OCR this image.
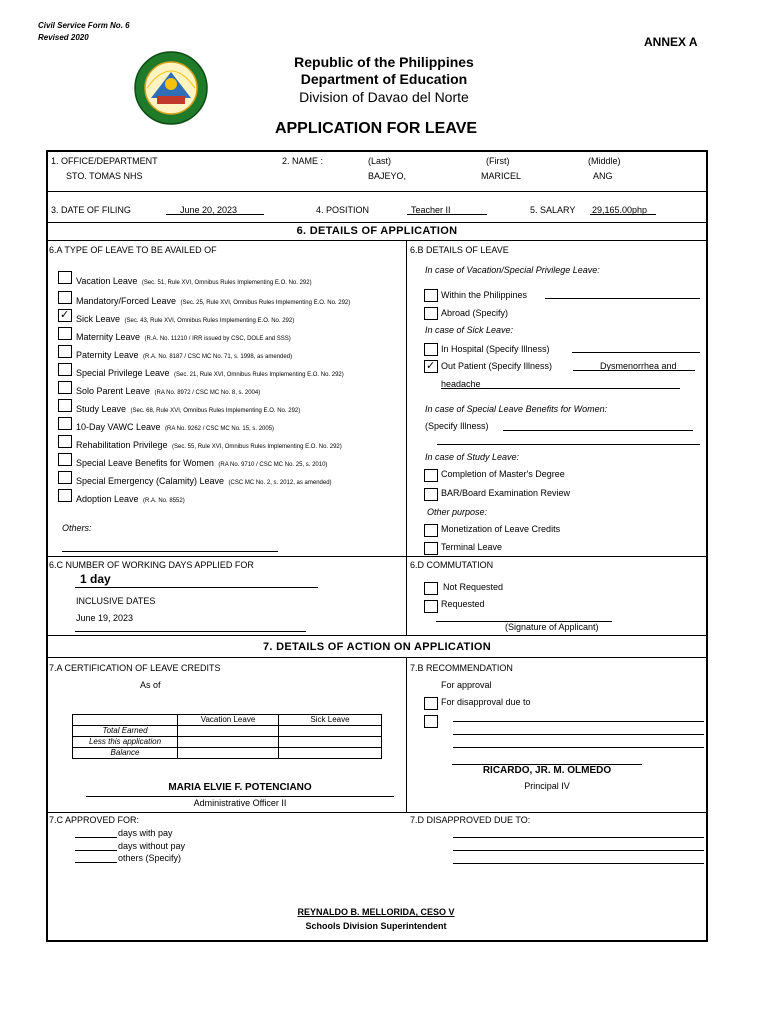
Civil Service Form No. 6
Revised 2020	ANNEX A
Republic of the Philippines
Department of Education
Division of Davao del Norte
APPLICATION FOR LEAVE
1. OFFICE/DEPARTMENT
STO. TOMAS NHS
2. NAME :	(Last)	(First)	(Middle)
BAJEYO,	MARICEL	ANG
3. DATE OF FILING	June 20, 2023	4. POSITION	Teacher II	5. SALARY 29,165.00php
6. DETAILS OF APPLICATION
6.A TYPE OF LEAVE TO BE AVAILED OF
Vacation Leave (Sec. 51, Rule XVI, Omnibus Rules Implementing E.O. No. 292)
Mandatory/Forced Leave (Sec. 25, Rule XVI, Omnibus Rules Implementing E.O. No. 292)
✓ Sick Leave (Sec. 43, Rule XVI, Omnibus Rules Implementing E.O. No. 292)
Maternity Leave (R.A. No. 11210 / IRR issued by CSC, DOLE and SSS)
Paternity Leave (R.A. No. 8187 / CSC MC No. 71, s. 1998, as amended)
Special Privilege Leave (Sec. 21, Rule XVI, Omnibus Rules Implementing E.O. No. 292)
Solo Parent Leave (RA No. 8972 / CSC MC No. 8, s. 2004)
Study Leave (Sec. 68, Rule XVI, Omnibus Rules Implementing E.O. No. 292)
10-Day VAWC Leave (RA No. 9262 / CSC MC No. 15, s. 2005)
Rehabilitation Privilege (Sec. 55, Rule XVI, Omnibus Rules Implementing E.O. No. 292)
Special Leave Benefits for Women (RA No. 9710 / CSC MC No. 25, s. 2010)
Special Emergency (Calamity) Leave (CSC MC No. 2, s. 2012, as amended)
Adoption Leave (R.A. No. 8552)
Others:
6.B DETAILS OF LEAVE
In case of Vacation/Special Privilege Leave:
Within the Philippines
Abroad (Specify)
In case of Sick Leave:
In Hospital (Specify Illness)
✓ Out Patient (Specify Illness)	Dysmenorrhea and
headache
In case of Special Leave Benefits for Women:
(Specify Illness)
In case of Study Leave:
Completion of Master's Degree
BAR/Board Examination Review
Other purpose:
Monetization of Leave Credits
Terminal Leave
6.C NUMBER OF WORKING DAYS APPLIED FOR
1 day
INCLUSIVE DATES
June 19, 2023
6.D COMMUTATION
Not Requested
Requested
(Signature of Applicant)
7. DETAILS OF ACTION ON APPLICATION
7.A CERTIFICATION OF LEAVE CREDITS
As of
	Vacation Leave	Sick Leave
Total Earned		
Less this application		
Balance		
MARIA ELVIE F. POTENCIANO
Administrative Officer II
7.B RECOMMENDATION
For approval
For disapproval due to
RICARDO, JR. M. OLMEDO
Principal IV
7.C APPROVED FOR:
days with pay
days without pay
others (Specify)
7.D DISAPPROVED DUE TO:
REYNALDO B. MELLORIDA, CESO V
Schools Division Superintendent
